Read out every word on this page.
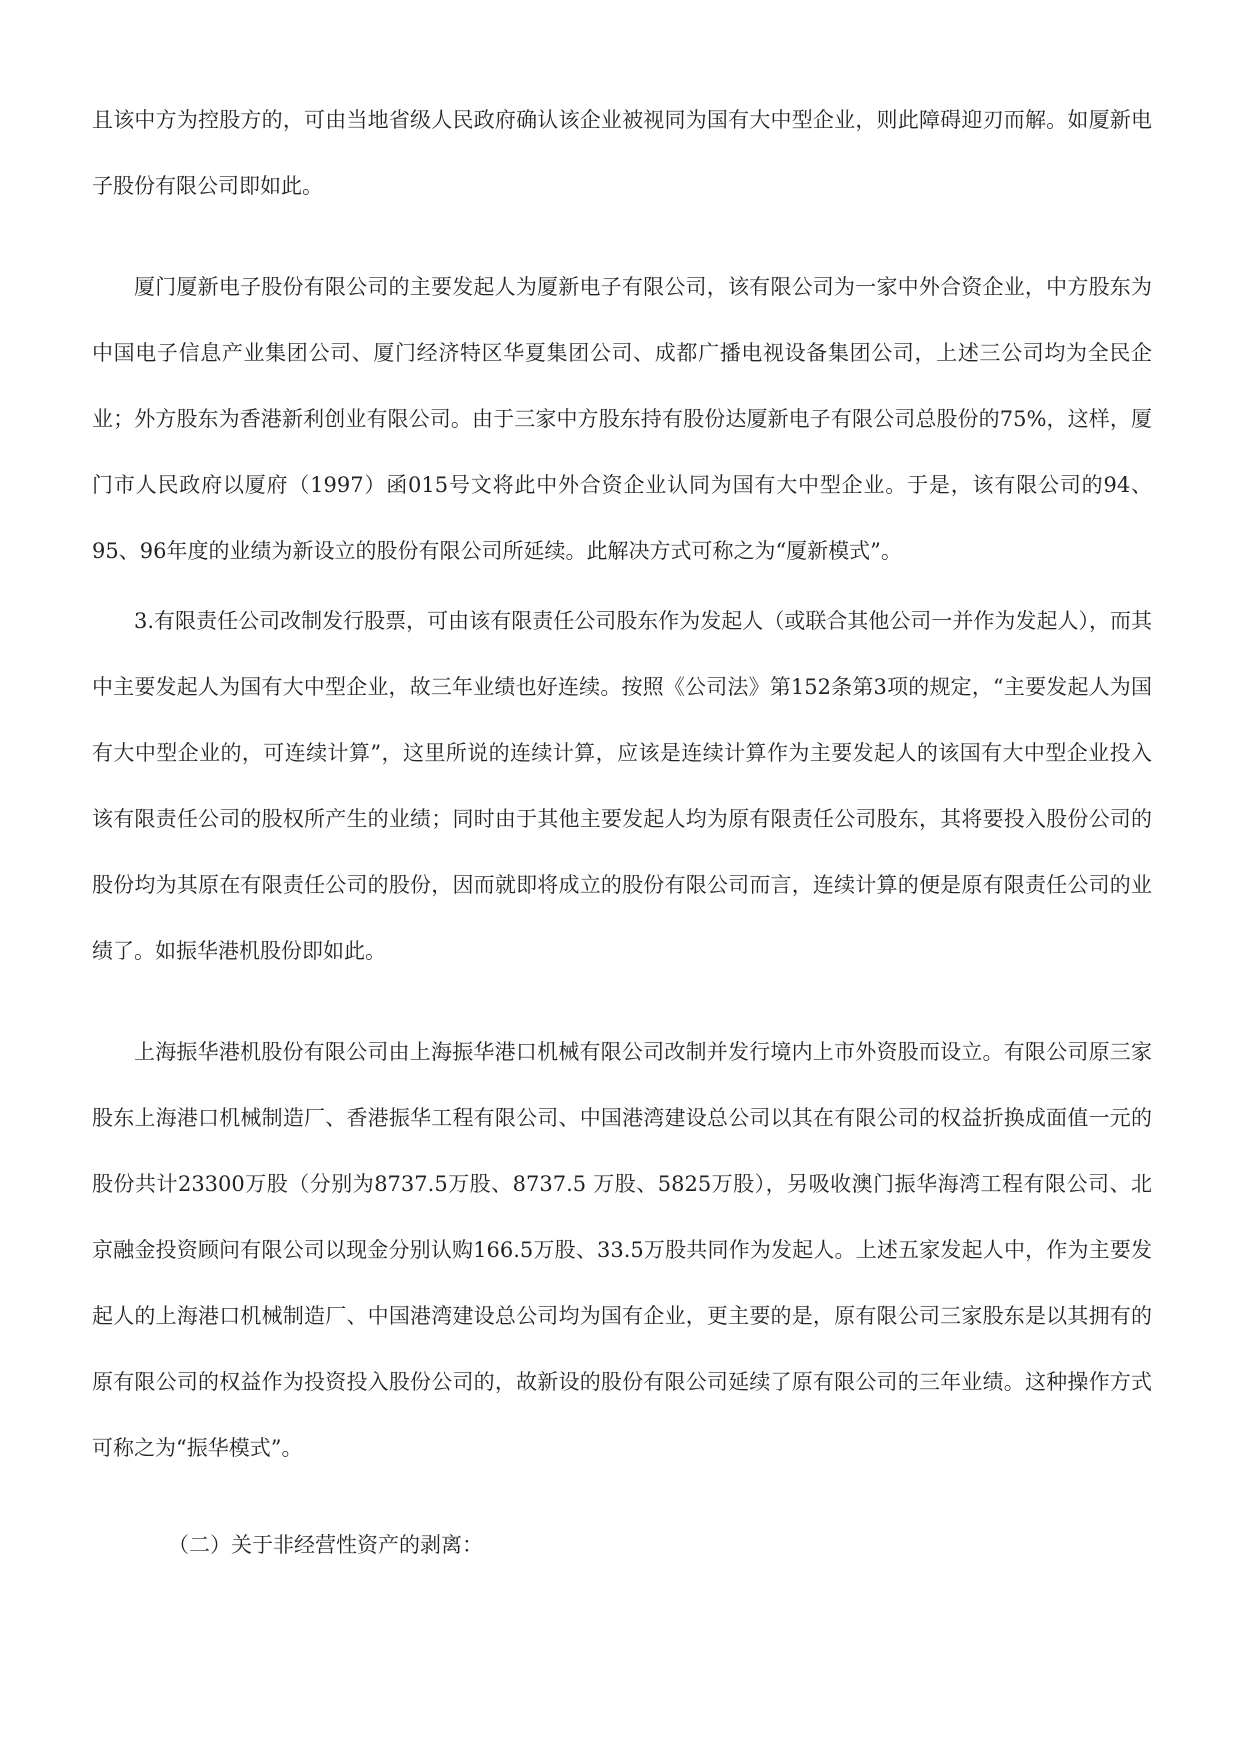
且该中方为控股方的，可由当地省级人民政府确认该企业被视同为国有大中型企业，则此障碍迎刃而解。如厦新电子股份有限公司即如此。

厦门厦新电子股份有限公司的主要发起人为厦新电子有限公司，该有限公司为一家中外合资企业，中方股东为中国电子信息产业集团公司、厦门经济特区华夏集团公司、成都广播电视设备集团公司，上述三公司均为全民企业；外方股东为香港新利创业有限公司。由于三家中方股东持有股份达厦新电子有限公司总股份的75%，这样，厦门市人民政府以厦府（1997）函015号文将此中外合资企业认同为国有大中型企业。于是，该有限公司的94、95、96年度的业绩为新设立的股份有限公司所延续。此解决方式可称之为“厦新模式”。

3.有限责任公司改制发行股票，可由该有限责任公司股东作为发起人（或联合其他公司一并作为发起人），而其中主要发起人为国有大中型企业，故三年业绩也好连续。按照《公司法》第152条第3项的规定，“主要发起人为国有大中型企业的，可连续计算”，这里所说的连续计算，应该是连续计算作为主要发起人的该国有大中型企业投入该有限责任公司的股权所产生的业绩；同时由于其他主要发起人均为原有限责任公司股东，其将要投入股份公司的股份均为其原在有限责任公司的股份，因而就即将成立的股份有限公司而言，连续计算的便是原有限责任公司的业绩了。如振华港机股份即如此。

上海振华港机股份有限公司由上海振华港口机械有限公司改制并发行境内上市外资股而设立。有限公司原三家股东上海港口机械制造厂、香港振华工程有限公司、中国港湾建设总公司以其在有限公司的权益折换成面值一元的股份共计23300万股（分别为8737.5万股、8737.5 万股、5825万股），另吸收澳门振华海湾工程有限公司、北京融金投资顾问有限公司以现金分别认购166.5万股、33.5万股共同作为发起人。上述五家发起人中，作为主要发起人的上海港口机械制造厂、中国港湾建设总公司均为国有企业，更主要的是，原有限公司三家股东是以其拥有的原有限公司的权益作为投资投入股份公司的，故新设的股份有限公司延续了原有限公司的三年业绩。这种操作方式可称之为“振华模式”。

（二）关于非经营性资产的剥离：
